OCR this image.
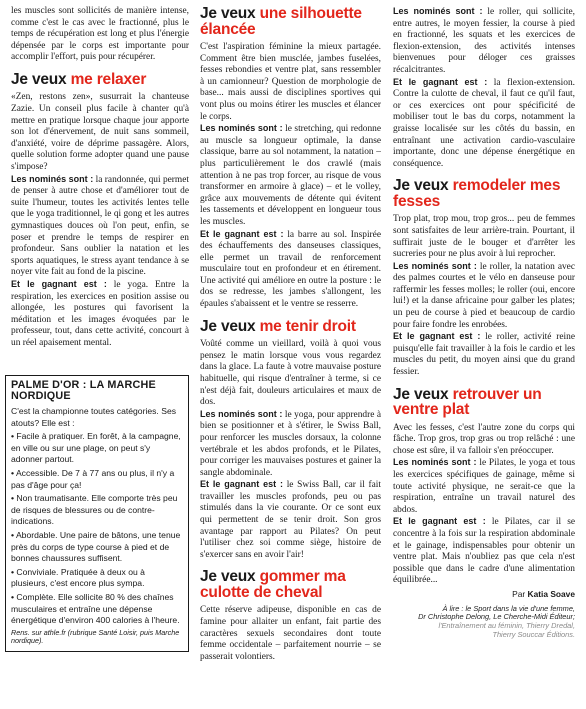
les muscles sont sollicités de manière intense, comme c'est le cas avec le fractionné, plus le temps de récupération est long et plus l'énergie dépensée par le corps est importante pour accomplir l'effort, puis pour récupérer.

Je veux me relaxer

«Zen, restons zen», susurrait la chanteuse Zazie. Un conseil plus facile à chanter qu'à mettre en pratique lorsque chaque jour apporte son lot d'énervement, de nuit sans sommeil, d'anxiété, voire de déprime passagère. Alors, quelle solution forme adopter quand une pause s'impose?

Les nominés sont : la randonnée, qui permet de penser à autre chose et d'améliorer tout de suite l'humeur, toutes les activités lentes telle que le yoga traditionnel, le qi gong et les autres gymnastiques douces où l'on peut, enfin, se poser et prendre le temps de respirer en profondeur. Sans oublier la natation et les sports aquatiques, le stress ayant tendance à se noyer vite fait au fond de la piscine.

Et le gagnant est : le yoga. Entre la respiration, les exercices en position assise ou allongée, les postures qui favorisent la méditation et les images évoquées par le professeur, tout, dans cette activité, concourt à un réel apaisement mental.

PALME D'OR : LA MARCHE NORDIQUE
C'est la championne toutes catégories. Ses atouts? Elle est :
• Facile à pratiquer. En forêt, à la campagne, en ville ou sur une plage, on peut s'y adonner partout.
• Accessible. De 7 à 77 ans ou plus, il n'y a pas d'âge pour ça!
• Non traumatisante. Elle comporte très peu de risques de blessures ou de contre-indications.
• Abordable. Une paire de bâtons, une tenue près du corps de type course à pied et de bonnes chaussures suffisent.
• Conviviale. Pratiquée à deux ou à plusieurs, c'est encore plus sympa.
• Complète. Elle sollicite 80 % des chaînes musculaires et entraîne une dépense énergétique d'environ 400 calories à l'heure.
Rens. sur athle.fr (rubrique Santé Loisir, puis Marche nordique).
Je veux une silhouette élancée

C'est l'aspiration féminine la mieux partagée. Comment être bien musclée, jambes fuselées, fesses rebondies et ventre plat, sans ressembler à un camionneur? Question de morphologie de base... mais aussi de disciplines sportives qui vont plus ou moins étirer les muscles et élancer le corps.

Les nominés sont : le stretching, qui redonne au muscle sa longueur optimale, la danse classique, barre au sol notamment, la natation – plus particulièrement le dos crawlé (mais attention à ne pas trop forcer, au risque de vous transformer en armoire à glace) – et le volley, grâce aux mouvements de détente qui évitent les tassements et développent en longueur tous les muscles.

Et le gagnant est : la barre au sol. Inspirée des échauffements des danseuses classiques, elle permet un travail de renforcement musculaire tout en profondeur et en étirement. Une activité qui améliore en outre la posture : le dos se redresse, les jambes s'allongent, les épaules s'abaissent et le ventre se resserre.

Je veux me tenir droit

Voûté comme un vieillard, voilà à quoi vous pensez le matin lorsque vous vous regardez dans la glace. La faute à votre mauvaise posture habituelle, qui risque d'entraîner à terme, si ce n'est déjà fait, douleurs articulaires et maux de dos.

Les nominés sont : le yoga, pour apprendre à bien se positionner et à s'étirer, le Swiss Ball, pour renforcer les muscles dorsaux, la colonne vertébrale et les abdos profonds, et le Pilates, pour corriger les mauvaises postures et gainer la sangle abdominale.

Et le gagnant est : le Swiss Ball, car il fait travailler les muscles profonds, peu ou pas stimulés dans la vie courante. Or ce sont eux qui permettent de se tenir droit. Son gros avantage par rapport au Pilates? On peut l'utiliser chez soi comme siège, histoire de s'exercer sans en avoir l'air!

Je veux gommer ma culotte de cheval

Cette réserve adipeuse, disponible en cas de famine pour allaiter un enfant, fait partie des caractères sexuels secondaires dont toute femme occidentale – parfaitement nourrie – se passerait volontiers.

Les nominés sont : le roller, qui sollicite, entre autres, le moyen fessier, la course à pied en fractionné, les squats et les exercices de flexion-extension, des activités intenses bienvenues pour déloger ces graisses récalcitrantes.

Et le gagnant est : la flexion-extension. Contre la culotte de cheval, il faut ce qu'il faut, or ces exercices ont pour spécificité de mobiliser tout le bas du corps, notamment la graisse localisée sur les côtés du bassin, en entraînant une activation cardio-vasculaire importante, donc une dépense énergétique en conséquence.

Je veux remodeler mes fesses

Trop plat, trop mou, trop gros... peu de femmes sont satisfaites de leur arrière-train. Pourtant, il suffirait juste de le bouger et d'arrêter les sucreries pour ne plus avoir à lui reprocher.

Les nominés sont : le roller, la natation avec des palmes courtes et le vélo en danseuse pour raffermir les fesses molles; le roller (oui, encore lui!) et la danse africaine pour galber les plates; un peu de course à pied et beaucoup de cardio pour faire fondre les enrobées.

Et le gagnant est : le roller, activité reine puisqu'elle fait travailler à la fois le cardio et les muscles du petit, du moyen ainsi que du grand fessier.

Je veux retrouver un ventre plat

Avec les fesses, c'est l'autre zone du corps qui fâche. Trop gros, trop gras ou trop relâché : une chose est sûre, il va falloir s'en préoccuper.

Les nominés sont : le Pilates, le yoga et tous les exercices spécifiques de gainage, même si toute activité physique, ne serait-ce que la respiration, entraîne un travail naturel des abdos.

Et le gagnant est : le Pilates, car il se concentre à la fois sur la respiration abdominale et le gainage, indispensables pour obtenir un ventre plat. Mais n'oubliez pas que cela n'est possible que dans le cadre d'une alimentation équilibrée...

Par Katia Soave
À lire : le Sport dans la vie d'une femme,
Dr Christophe Delong, Le Cherche-Midi Éditeur;
l'Entraînement au féminin, Thierry Dredal,
Thierry Souccar Éditions.
